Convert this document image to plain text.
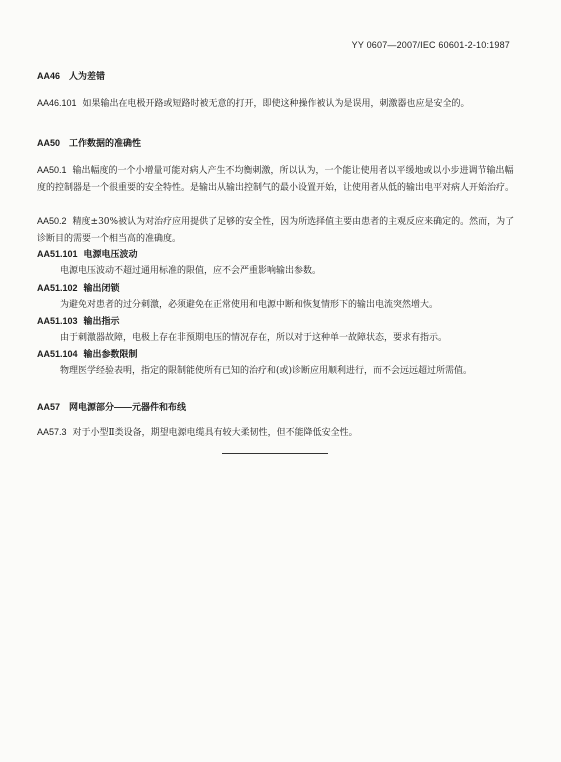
YY 0607—2007/IEC 60601-2-10:1987
AA46　人为差错
AA46.101 如果输出在电极开路或短路时被无意的打开，即使这种操作被认为是误用，刺激器也应是安全的。
AA50　工作数据的准确性
AA50.1 输出幅度的一个小增量可能对病人产生不均衡刺激，所以认为，一个能让使用者以平缓地或以小步进调节输出幅度的控制器是一个很重要的安全特性。是输出从输出控制气的最小设置开始，让使用者从低的输出电平对病人开始治疗。
AA50.2 精度±30%被认为对治疗应用提供了足够的安全性，因为所选择值主要由患者的主观反应来确定的。然而，为了诊断目的需要一个相当高的准确度。
AA51.101 电源电压波动
电源电压波动不超过通用标准的限值，应不会严重影响输出参数。
AA51.102 输出闭锁
为避免对患者的过分刺激，必须避免在正常使用和电源中断和恢复情形下的输出电流突然增大。
AA51.103 输出指示
由于刺激器故障，电极上存在非预期电压的情况存在，所以对于这种单一故障状态，要求有指示。
AA51.104 输出参数限制
物理医学经验表明，指定的限制能使所有已知的治疗和(或)诊断应用顺利进行，而不会远远超过所需值。
AA57　网电源部分——元器件和布线
AA57.3 对于小型Ⅱ类设备，期望电源电缆具有较大柔韧性，但不能降低安全性。
